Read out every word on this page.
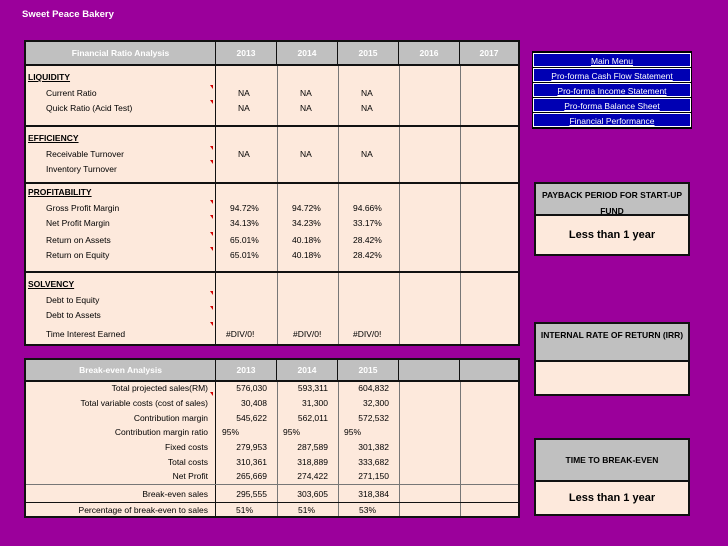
Sweet Peace Bakery
Financial Ratio Analysis	2013	2014	2015	2016	2017
LIQUIDITY
Current Ratio	NA	NA	NA
Quick Ratio (Acid Test)	NA	NA	NA
EFFICIENCY
Receivable Turnover	NA	NA	NA
Inventory Turnover
PROFITABILITY
Gross Profit Margin	94.72%	94.72%	94.66%
Net Profit Margin	34.13%	34.23%	33.17%
Return on Assets	65.01%	40.18%	28.42%
Return on Equity	65.01%	40.18%	28.42%
SOLVENCY
Debt to Equity
Debt to Assets
Time Interest Earned	#DIV/0!	#DIV/0!	#DIV/0!
Break-even Analysis	2013	2014	2015
Total projected sales(RM)	576,030	593,311	604,832
Total variable costs (cost of sales)	30,408	31,300	32,300
Contribution margin	545,622	562,011	572,532
Contribution margin ratio 95%	95%	95%
Fixed costs	279,953	287,589	301,382
Total costs	310,361	318,889	333,682
Net Profit	265,669	274,422	271,150
Break-even sales	295,555	303,605	318,384
Percentage of break-even to sales	51%	51%	53%
Main Menu
Pro-forma Cash Flow Statement
Pro-forma Income Statement
Pro-forma Balance Sheet
Financial Performance
PAYBACK PERIOD FOR START-UP FUND
Less than 1 year
INTERNAL RATE OF RETURN (IRR)
TIME TO BREAK-EVEN
Less than 1 year
